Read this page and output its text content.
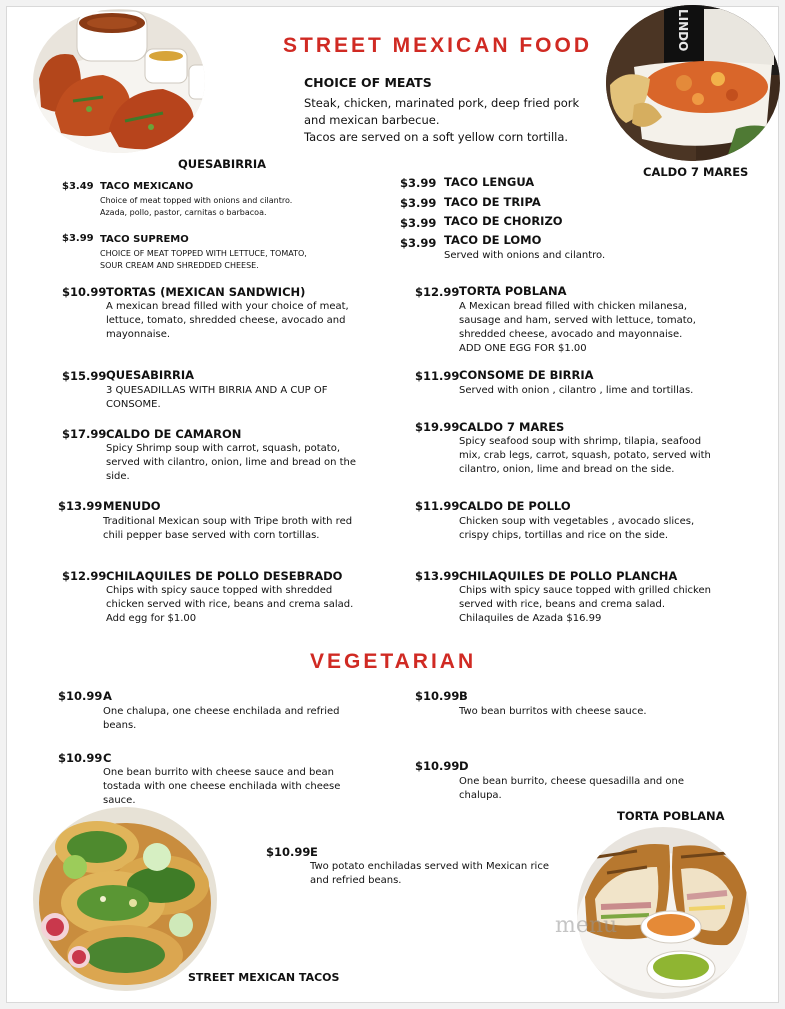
STREET MEXICAN FOOD
CHOICE OF MEATS
Steak, chicken, marinated pork, deep fried pork
and mexican barbecue.
Tacos are served on a soft yellow corn tortilla.
QUESABIRRIA
LINDO
CALDO 7 MARES
$3.49 TACO MEXICANO
Choice of meat topped with onions and cilantro.
Azada, pollo, pastor, carnitas o barbacoa.
$3.99 TACO SUPREMO
CHOICE OF MEAT TOPPED WITH LETTUCE, TOMATO,
SOUR CREAM AND SHREDDED CHEESE.
$3.99 TACO LENGUA
$3.99 TACO DE TRIPA
$3.99 TACO DE CHORIZO
$3.99 TACO DE LOMO
Served with onions and cilantro.
$10.99 TORTAS (MEXICAN SANDWICH)
A mexican bread filled with your choice of meat,
lettuce, tomato, shredded cheese, avocado and
mayonnaise.
$15.99 QUESABIRRIA
3 QUESADILLAS WITH BIRRIA AND A CUP OF
CONSOME.
$17.99 CALDO DE CAMARON
Spicy Shrimp soup with carrot, squash, potato,
served with cilantro, onion, lime and bread on the
side.
$13.99 MENUDO
Traditional Mexican soup with Tripe broth with red
chili pepper base served with corn tortillas.
$12.99 CHILAQUILES DE POLLO DESEBRADO
Chips with spicy sauce topped with shredded
chicken served with rice, beans and crema salad.
Add egg for $1.00
$12.99 TORTA POBLANA
A Mexican bread filled with chicken milanesa,
sausage and ham, served with lettuce, tomato,
shredded cheese, avocado and mayonnaise.
ADD ONE EGG FOR $1.00
$11.99 CONSOME DE BIRRIA
Served with onion , cilantro , lime and tortillas.
$19.99 CALDO 7 MARES
Spicy seafood soup with shrimp, tilapia, seafood
mix, crab legs, carrot, squash, potato, served with
cilantro, onion, lime and bread on the side.
$11.99 CALDO DE POLLO
Chicken soup with vegetables , avocado slices,
crispy chips, tortillas and rice on the side.
$13.99 CHILAQUILES DE POLLO PLANCHA
Chips with spicy sauce topped with grilled chicken
served with rice, beans and crema salad.
Chilaquiles de Azada $16.99
VEGETARIAN
$10.99 A
One chalupa, one cheese enchilada and refried
beans.
$10.99 B
Two bean burritos with cheese sauce.
$10.99 C
One bean burrito with cheese sauce and bean
tostada with one cheese enchilada with cheese
sauce.
$10.99 D
One bean burrito, cheese quesadilla and one
chalupa.
$10.99 E
Two potato enchiladas served with Mexican rice
and refried beans.
STREET MEXICAN TACOS
TORTA POBLANA
menu
